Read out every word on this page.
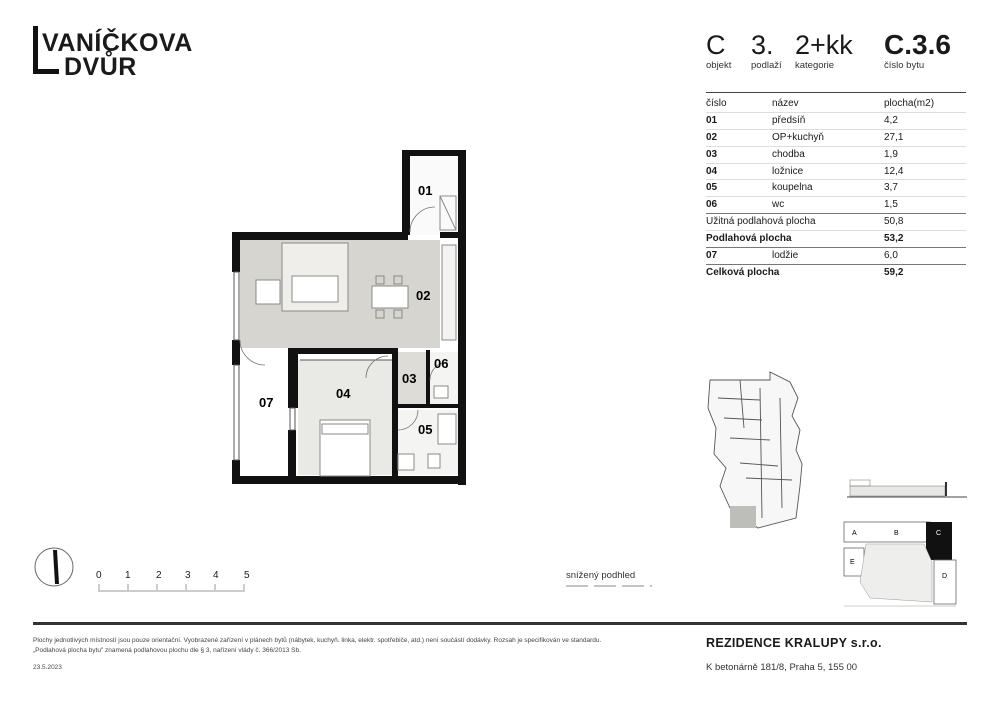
VANÍČKOVA
DVŮR
C
objekt
3.
podlaží
2+kk
kategorie
C.3.6
číslo bytu
číslo	název	plocha(m2)
01	předsíň	4,2
02	OP+kuchyň	27,1
03	chodba	1,9
04	ložnice	12,4
05	koupelna	3,7
06	wc	1,5
Užitná podlahová plocha	50,8
Podlahová plocha	53,2
07	lodžie	6,0
Celková plocha	59,2
01
02
03
04
05
06
07
A	B	C
D
E
0 1	2 3 4	5	snížený podhled
Plochy jednotlivých místností jsou pouze orientační. Vyobrazené zařízení v plánech bytů (nábytek, kuchyň. linka, elektr. spotřebiče, atd.) není součástí dodávky. Rozsah je specifikován ve standardu.
„Podlahová plocha bytu" znamená podlahovou plochu dle § 3, nařízení vlády č. 366/2013 Sb.
23.5.2023
REZIDENCE KRALUPY s.r.o.
K betonárně 181/8, Praha 5, 155 00
